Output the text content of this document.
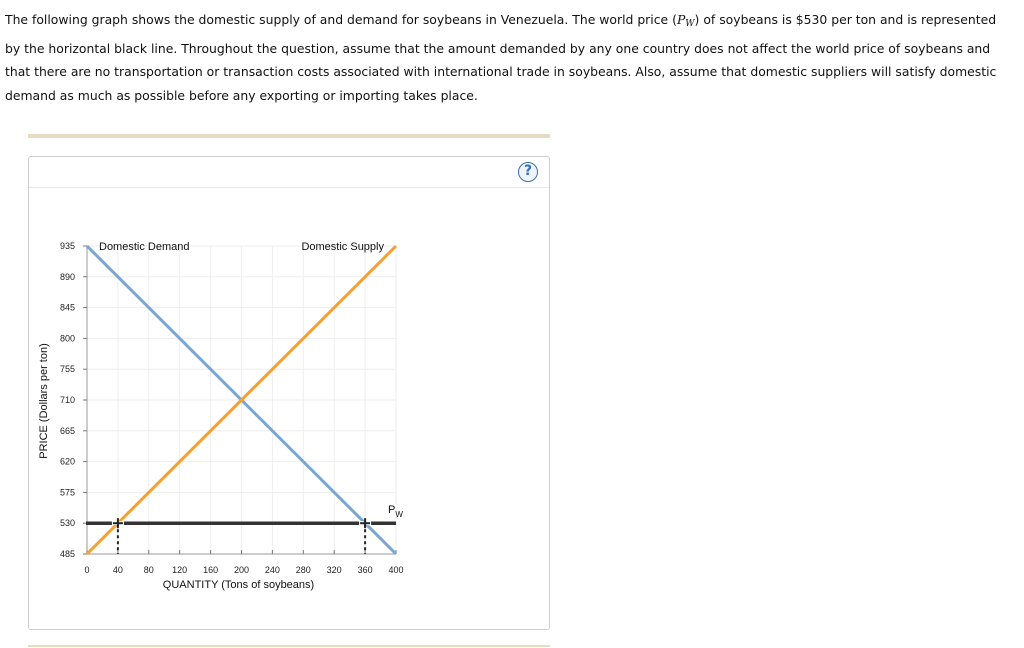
The following graph shows the domestic supply of and demand for soybeans in Venezuela. The world price $(P_W)$ of soybeans is $530 per ton and is represented by the horizontal black line. Throughout the question, assume that the amount demanded by any one country does not affect the world price of soybeans and that there are no transportation or transaction costs associated with international trade in soybeans. Also, assume that domestic suppliers will satisfy domestic demand as much as possible before any exporting or importing takes place.
?
935
890
845
800
755
710
665
620
575
530
485
0	40 80 120 160 200 240 280 320 360 400
$P_W$
QUANTITY (Tons of soybeans)
PRICE (Dollars per ton)
Domestic Demand	Domestic Supply
